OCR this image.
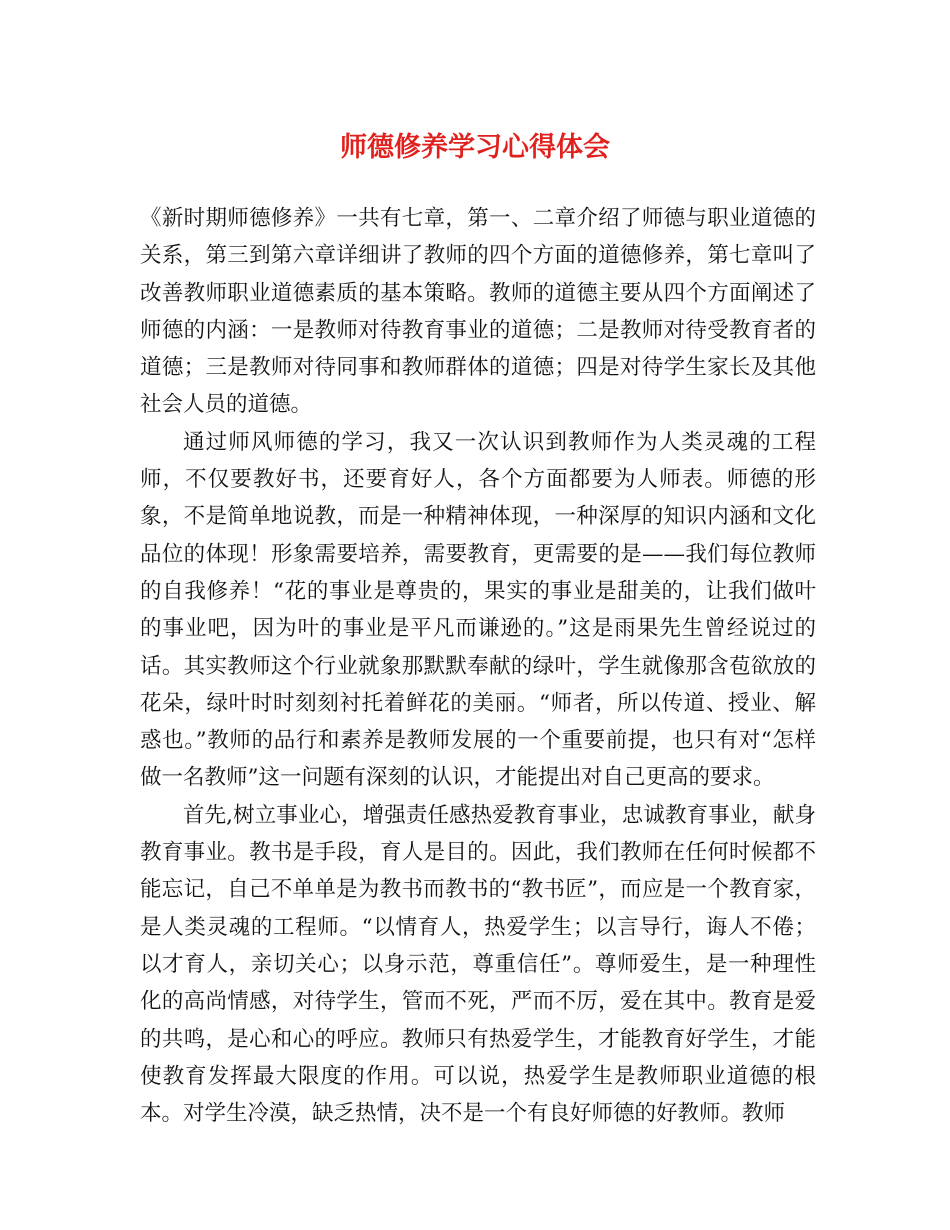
师德修养学习心得体会

《新时期师德修养》一共有七章，第一、二章介绍了师德与职业道德的关系，第三到第六章详细讲了教师的四个方面的道德修养，第七章叫了改善教师职业道德素质的基本策略。教师的道德主要从四个方面阐述了师德的内涵：一是教师对待教育事业的道德；二是教师对待受教育者的道德；三是教师对待同事和教师群体的道德；四是对待学生家长及其他社会人员的道德。

通过师风师德的学习，我又一次认识到教师作为人类灵魂的工程师，不仅要教好书，还要育好人，各个方面都要为人师表。师德的形象，不是简单地说教，而是一种精神体现，一种深厚的知识内涵和文化品位的体现！形象需要培养，需要教育，更需要的是——我们每位教师的自我修养！“花的事业是尊贵的，果实的事业是甜美的，让我们做叶的事业吧，因为叶的事业是平凡而谦逊的。”这是雨果先生曾经说过的话。其实教师这个行业就象那默默奉献的绿叶，学生就像那含苞欲放的花朵，绿叶时时刻刻衬托着鲜花的美丽。“师者，所以传道、授业、解惑也。”教师的品行和素养是教师发展的一个重要前提，也只有对“怎样做一名教师”这一问题有深刻的认识，才能提出对自己更高的要求。

首先,树立事业心，增强责任感热爱教育事业，忠诚教育事业，献身教育事业。教书是手段，育人是目的。因此，我们教师在任何时候都不能忘记，自己不单单是为教书而教书的“教书匠”，而应是一个教育家，是人类灵魂的工程师。“以情育人，热爱学生；以言导行，诲人不倦；以才育人，亲切关心；以身示范，尊重信任”。尊师爱生，是一种理性化的高尚情感，对待学生，管而不死，严而不厉，爱在其中。教育是爱的共鸣，是心和心的呼应。教师只有热爱学生，才能教育好学生，才能使教育发挥最大限度的作用。可以说，热爱学生是教师职业道德的根本。对学生冷漠，缺乏热情，决不是一个有良好师德的好教师。教师
